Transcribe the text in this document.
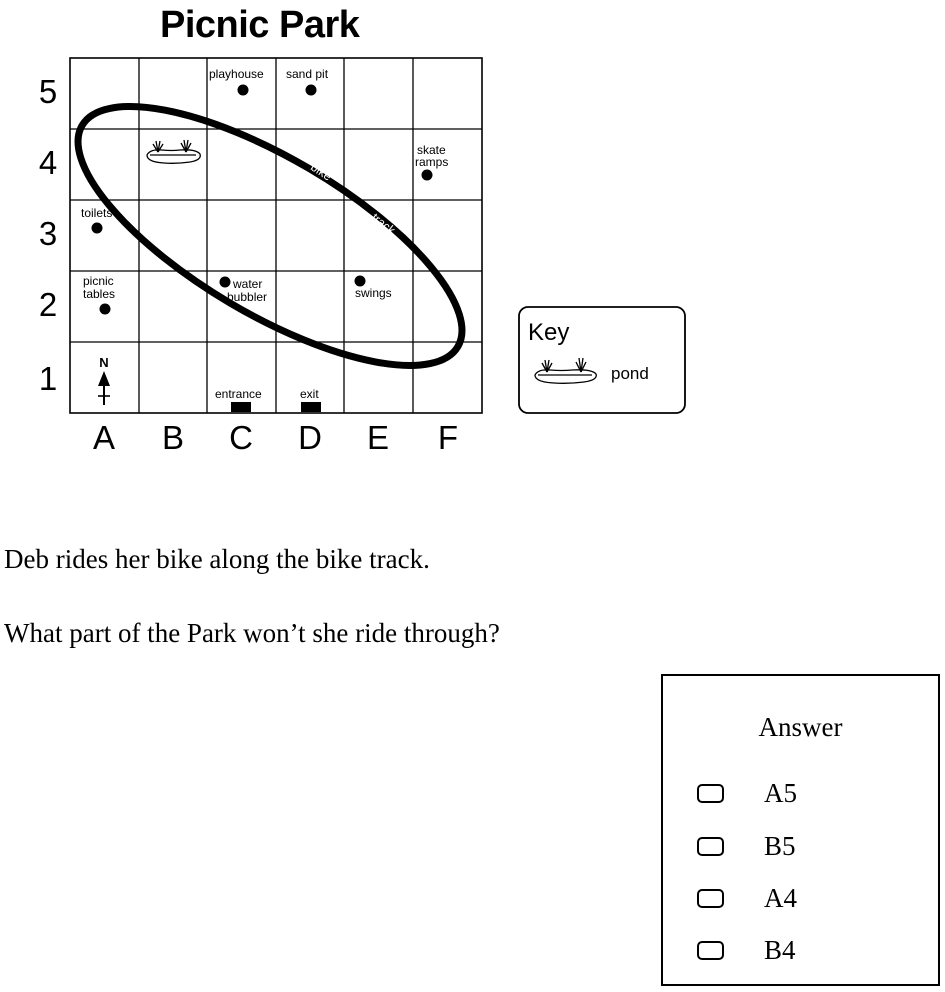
Picnic Park
5
4
3
2
1
A B C D E F
bike
track
playhouse sand pit
skate
ramps
toilets
picnic
tables
water
bubbler	swings
entrance	exit
N
Key
pond
Deb rides her bike along the bike track.
What part of the Park won’t she ride through?
Answer
A5
B5
A4
B4
